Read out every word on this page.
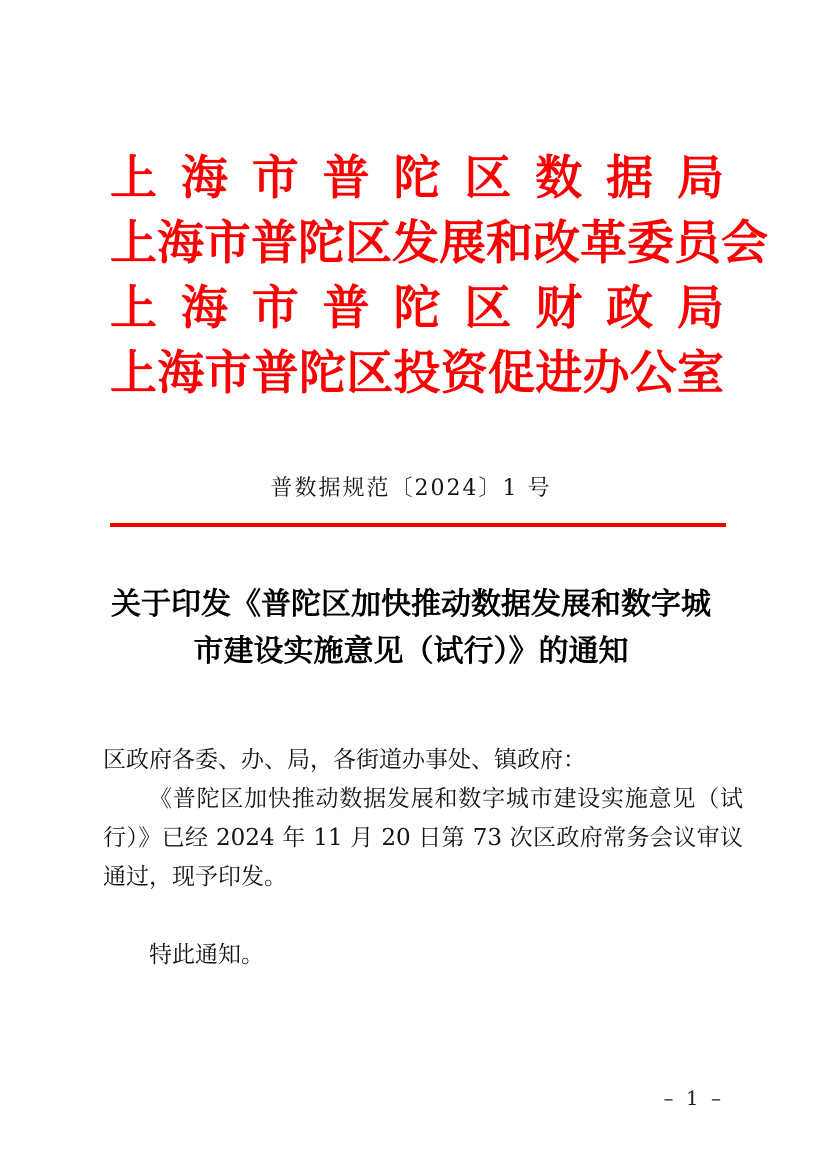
上 海 市 普 陀 区 数 据 局
上 海 市 普 陀 区 发 展 和 改 革 委 员 会
上 海 市 普 陀 区 财 政 局
上 海 市 普 陀 区 投 资 促 进 办 公 室
普数据规范〔2024〕1 号
关于印发《普陀区加快推动数据发展和数字城
市建设实施意见（试行）》的通知

区政府各委、办、局，各街道办事处、镇政府：

《普陀区加快推动数据发展和数字城市建设实施意见（试行）》已经 2024 年 11 月 20 日第 73 次区政府常务会议审议通过，现予印发。

特此通知。

– 1 –
